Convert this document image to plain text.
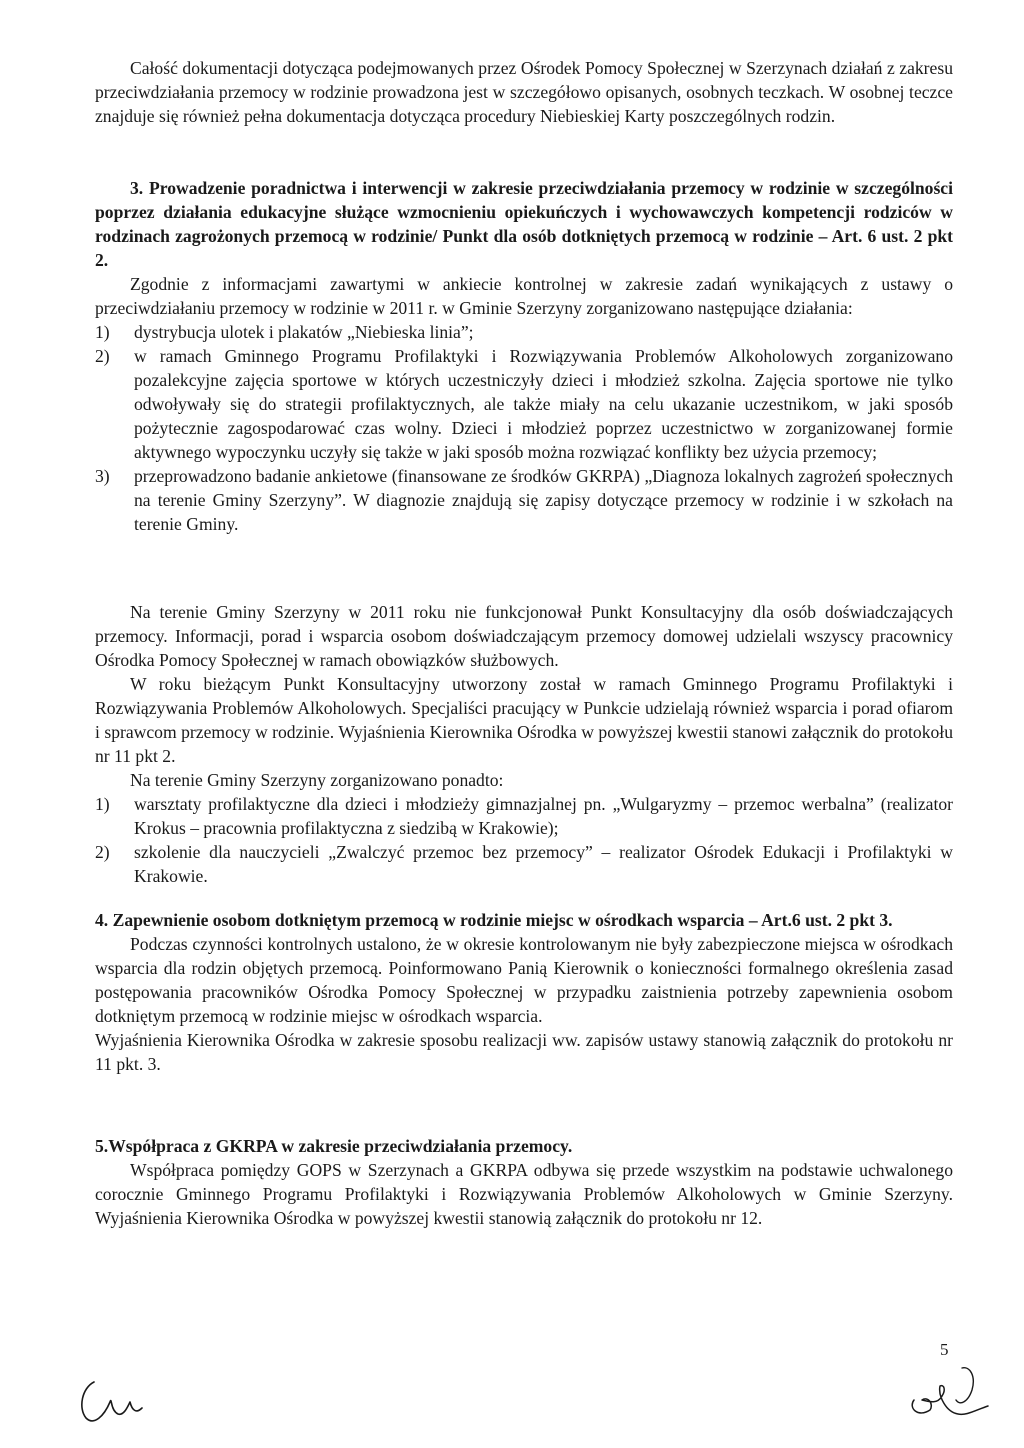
Całość dokumentacji dotycząca podejmowanych przez Ośrodek Pomocy Społecznej w Szerzynach działań z zakresu przeciwdziałania przemocy w rodzinie prowadzona jest w szczegółowo opisanych, osobnych teczkach. W osobnej teczce znajduje się również pełna dokumentacja dotycząca procedury Niebieskiej Karty poszczególnych rodzin.

3. Prowadzenie poradnictwa i interwencji w zakresie przeciwdziałania przemocy w rodzinie w szczególności poprzez działania edukacyjne służące wzmocnieniu opiekuńczych i wychowawczych kompetencji rodziców w rodzinach zagrożonych przemocą w rodzinie/ Punkt dla osób dotkniętych przemocą w rodzinie – Art. 6 ust. 2 pkt 2.

Zgodnie z informacjami zawartymi w ankiecie kontrolnej w zakresie zadań wynikających z ustawy o przeciwdziałaniu przemocy w rodzinie w 2011 r. w Gminie Szerzyny zorganizowano następujące działania:

1) dystrybucja ulotek i plakatów „Niebieska linia”;
2) w ramach Gminnego Programu Profilaktyki i Rozwiązywania Problemów Alkoholowych zorganizowano pozalekcyjne zajęcia sportowe w których uczestniczyły dzieci i młodzież szkolna. Zajęcia sportowe nie tylko odwoływały się do strategii profilaktycznych, ale także miały na celu ukazanie uczestnikom, w jaki sposób pożytecznie zagospodarować czas wolny. Dzieci i młodzież poprzez uczestnictwo w zorganizowanej formie aktywnego wypoczynku uczyły się także w jaki sposób można rozwiązać konflikty bez użycia przemocy;
3) przeprowadzono badanie ankietowe (finansowane ze środków GKRPA) „Diagnoza lokalnych zagrożeń społecznych na terenie Gminy Szerzyny”. W diagnozie znajdują się zapisy dotyczące przemocy w rodzinie i w szkołach na terenie Gminy.

Na terenie Gminy Szerzyny w 2011 roku nie funkcjonował Punkt Konsultacyjny dla osób doświadczających przemocy. Informacji, porad i wsparcia osobom doświadczającym przemocy domowej udzielali wszyscy pracownicy Ośrodka Pomocy Społecznej w ramach obowiązków służbowych.

W roku bieżącym Punkt Konsultacyjny utworzony został w ramach Gminnego Programu Profilaktyki i Rozwiązywania Problemów Alkoholowych. Specjaliści pracujący w Punkcie udzielają również wsparcia i porad ofiarom i sprawcom przemocy w rodzinie. Wyjaśnienia Kierownika Ośrodka w powyższej kwestii stanowi załącznik do protokołu nr 11 pkt 2.

Na terenie Gminy Szerzyny zorganizowano ponadto:

1) warsztaty profilaktyczne dla dzieci i młodzieży gimnazjalnej pn. „Wulgaryzmy – przemoc werbalna” (realizator Krokus – pracownia profilaktyczna z siedzibą w Krakowie);
2) szkolenie dla nauczycieli „Zwalczyć przemoc bez przemocy” – realizator Ośrodek Edukacji i Profilaktyki w Krakowie.

4. Zapewnienie osobom dotkniętym przemocą w rodzinie miejsc w ośrodkach wsparcia – Art.6 ust. 2 pkt 3.

Podczas czynności kontrolnych ustalono, że w okresie kontrolowanym nie były zabezpieczone miejsca w ośrodkach wsparcia dla rodzin objętych przemocą. Poinformowano Panią Kierownik o konieczności formalnego określenia zasad postępowania pracowników Ośrodka Pomocy Społecznej w przypadku zaistnienia potrzeby zapewnienia osobom dotkniętym przemocą w rodzinie miejsc w ośrodkach wsparcia.

Wyjaśnienia Kierownika Ośrodka w zakresie sposobu realizacji ww. zapisów ustawy stanowią załącznik do protokołu nr 11 pkt. 3.

5.Współpraca z GKRPA w zakresie przeciwdziałania przemocy.

Współpraca pomiędzy GOPS w Szerzynach a GKRPA odbywa się przede wszystkim na podstawie uchwalonego corocznie Gminnego Programu Profilaktyki i Rozwiązywania Problemów Alkoholowych w Gminie Szerzyny. Wyjaśnienia Kierownika Ośrodka w powyższej kwestii stanowią załącznik do protokołu nr 12.

5
